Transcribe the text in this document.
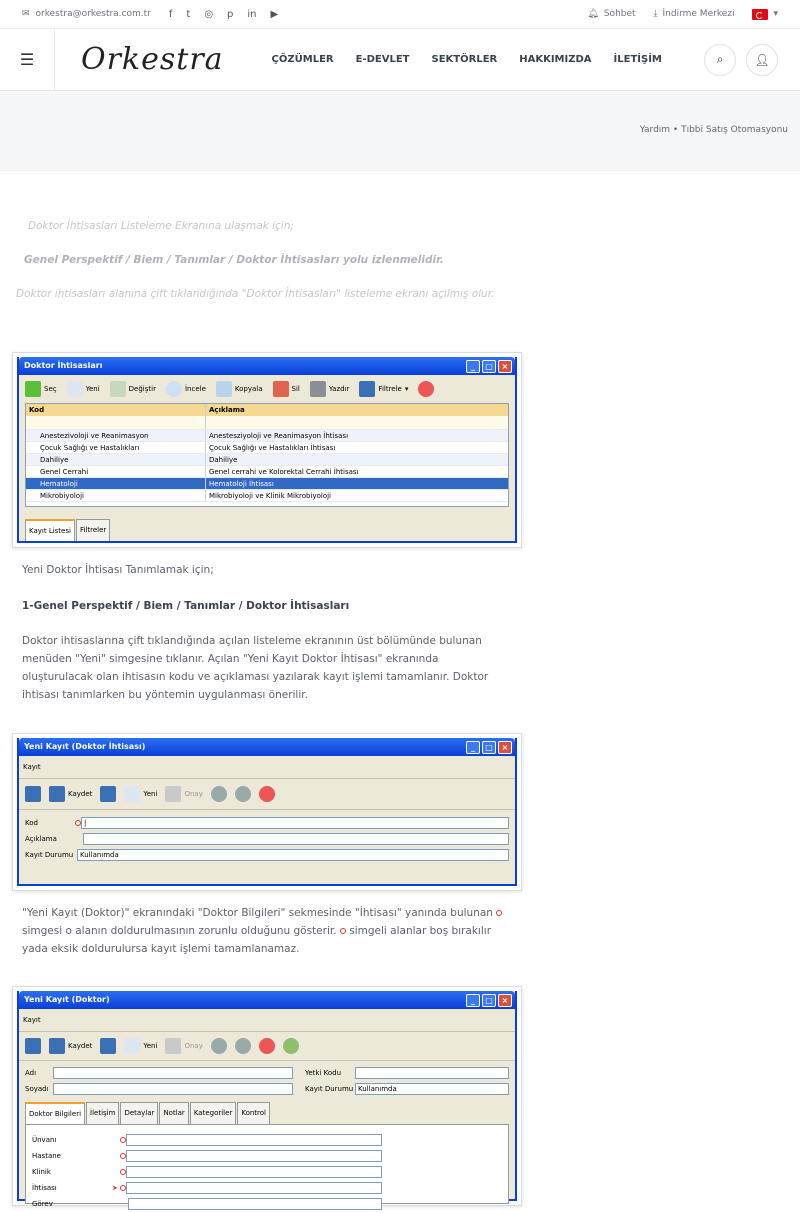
✉ orkestra@orkestra.com.tr f t ◎ p in ▶	🔔︎ Sohbet ⤓ İndirme Merkezi	▾
☰	Orkestra	ÇÖZÜMLER E-DEVLET SEKTÖRLER HAKKIMIZDA İLETİŞİM	⌕	👤︎
Yardım • Tıbbi Satış Otomasyonu
Doktor İhtisasları Listeleme Ekranına ulaşmak için;
Genel Perspektif / Biem / Tanımlar / Doktor İhtisasları yolu izlenmelidir.
Doktor ihtisasları alanına çift tıklandığında "Doktor İhtisasları" listeleme ekranı açılmış olur.
Doktor İhtisasları	_	□	×
Seç	Yeni	Değiştir	İncele	Kopyala	Sil	Yazdır	Filtrele ▾
Kod	Açıklama
Anestezivoloji ve Reanimasyon	Anestesziyoloji ve Reanimasyon İhtisası
Çocuk Sağlığı ve Hastalıkları	Çocuk Sağlığı ve Hastalıkları İhtisası
Dahiliye	Dahiliye
Genel Cerrahi	Genel cerrahi ve Kolorektal Cerrahi İhtisası
Hematoloji	Hematoloji İhtisası
Mikrobiyoloji	Mikrobiyoloji ve Klinik Mikrobiyoloji
Kayıt Listesi	Filtreler
Yeni Doktor İhtisası Tanımlamak için;
1-Genel Perspektif / Biem / Tanımlar / Doktor İhtisasları
Doktor ihtisaslarına çift tıklandığında açılan listeleme ekranının üst bölümünde bulunan menüden "Yeni" simgesine tıklanır. Açılan "Yeni Kayıt Doktor İhtisası" ekranında oluşturulacak olan ihtisasın kodu ve açıklaması yazılarak kayıt işlemi tamamlanır. Doktor ihtisası tanımlarken bu yöntemin uygulanması önerilir.
Yeni Kayıt (Doktor İhtisası)	_	□	×
Kayıt
Kaydet	Yeni	Onay
Kod	|
Açıklama
Kayıt Durumu Kullanımda
"Yeni Kayıt (Doktor)" ekranındaki "Doktor Bilgileri" sekmesinde "İhtisası" yanında bulunan  simgesi o alanın doldurulmasının zorunlu olduğunu gösterir. simgeli alanlar boş bırakılır yada eksik doldurulursa kayıt işlemi tamamlanamaz.
Yeni Kayıt (Doktor)	_	□	×
Kayıt
Kaydet	Yeni	Onay
Adı
Soyadı
Yetki Kodu
Kayıt Durumu Kullanımda
Doktor Bilgileri	İletişim	Detaylar	Notlar	Kategoriler	Kontrol
Ünvanı
Hastane
Klinik
İhtisası	➤
Görev
